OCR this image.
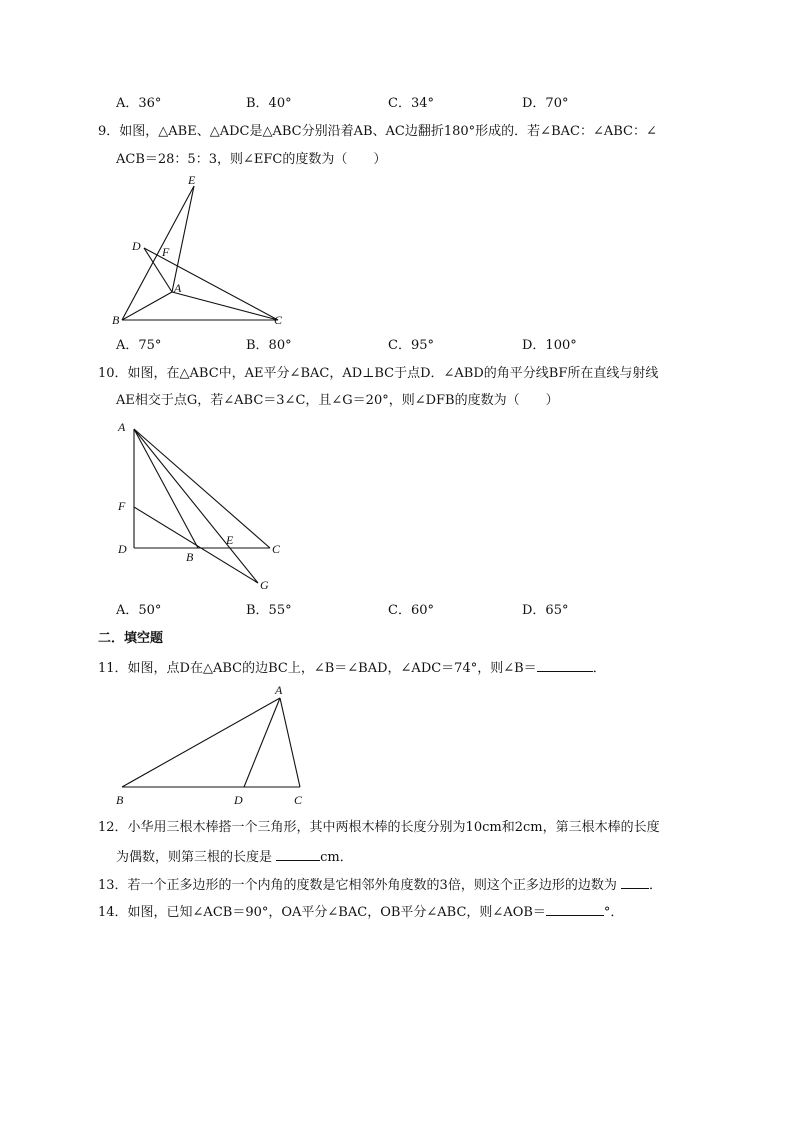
A．36°	B．40°	C．34°	D．70°
9．如图，△ABE、△ADC是△ABC分别沿着AB、AC边翻折180°形成的．若∠BAC：∠ABC：∠
ACB＝28：5：3，则∠EFC的度数为（　　）
E
D F
A
B	C
A．75°	B．80°	C．95°	D．100°
10．如图，在△ABC中，AE平分∠BAC，AD⊥BC于点D．∠ABD的角平分线BF所在直线与射线
AE相交于点G，若∠ABC＝3∠C，且∠G＝20°，则∠DFB的度数为（　　）
A
F
D
B
E
C
G
A．50°	B．55°	C．60°	D．65°
二．填空题
11．如图，点D在△ABC的边BC上，∠B＝∠BAD，∠ADC＝74°，则∠B＝	．
A
B	D	C
12．小华用三根木棒搭一个三角形，其中两根木棒的长度分别为10cm和2cm，第三根木棒的长度
为偶数，则第三根的长度是	cm．
13．若一个正多边形的一个内角的度数是它相邻外角度数的3倍，则这个正多边形的边数为 ．
14．如图，已知∠ACB＝90°，OA平分∠BAC，OB平分∠ABC，则∠AOB＝	°．
